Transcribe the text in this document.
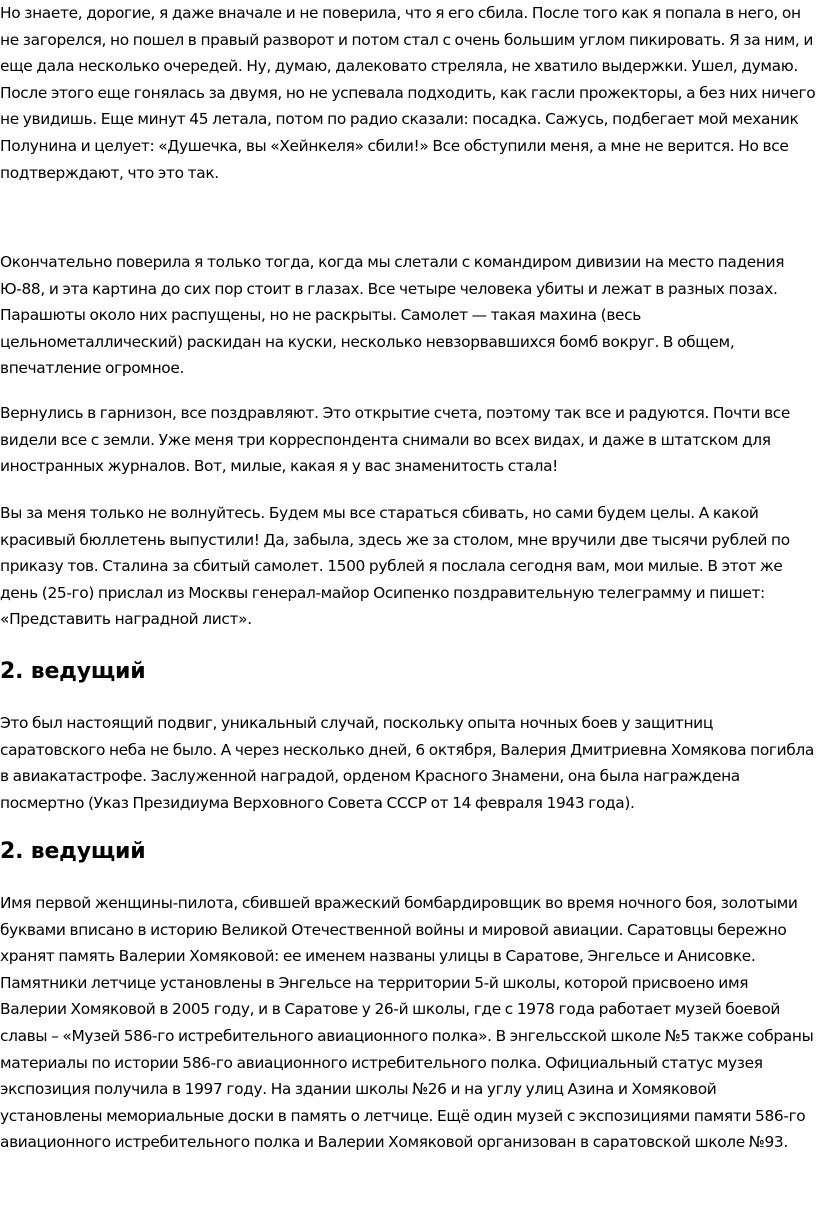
Но знаете, дорогие, я даже вначале и не поверила, что я его сбила. После того как я попала в него, он не загорелся, но пошел в правый разворот и потом стал с очень большим углом пикировать. Я за ним, и еще дала несколько очередей. Ну, думаю, далековато стреляла, не хватило выдержки. Ушел, думаю. После этого еще гонялась за двумя, но не успевала подходить, как гасли прожекторы, а без них ничего не увидишь. Еще минут 45 летала, потом по радио сказали: посадка. Сажусь, подбегает мой механик Полунина и целует: «Душечка, вы «Хейнкеля» сбили!» Все обступили меня, а мне не верится. Но все подтверждают, что это так.

Окончательно поверила я только тогда, когда мы слетали с командиром дивизии на место падения Ю-88, и эта картина до сих пор стоит в глазах. Все четыре человека убиты и лежат в разных позах. Парашюты около них распущены, но не раскрыты. Самолет — такая махина (весь цельнометаллический) раскидан на куски, несколько невзорвавшихся бомб вокруг. В общем, впечатление огромное.

Вернулись в гарнизон, все поздравляют. Это открытие счета, поэтому так все и радуются. Почти все видели все с земли. Уже меня три корреспондента снимали во всех видах, и даже в штатском для иностранных журналов. Вот, милые, какая я у вас знаменитость стала!

Вы за меня только не волнуйтесь. Будем мы все стараться сбивать, но сами будем целы. А какой красивый бюллетень выпустили! Да, забыла, здесь же за столом, мне вручили две тысячи рублей по приказу тов. Сталина за сбитый самолет. 1500 рублей я послала сегодня вам, мои милые. В этот же день (25-го) прислал из Москвы генерал-майор Осипенко поздравительную телеграмму и пишет: «Представить наградной лист».

2. ведущий

Это был настоящий подвиг, уникальный случай, поскольку опыта ночных боев у защитниц саратовского неба не было. А через несколько дней, 6 октября, Валерия Дмитриевна Хомякова погибла в авиакатастрофе. Заслуженной наградой, орденом Красного Знамени, она была награждена посмертно (Указ Президиума Верховного Совета СССР от 14 февраля 1943 года).

2. ведущий

Имя первой женщины-пилота, сбившей вражеский бомбардировщик во время ночного боя, золотыми буквами вписано в историю Великой Отечественной войны и мировой авиации. Саратовцы бережно хранят память Валерии Хомяковой: ее именем названы улицы в Саратове, Энгельсе и Анисовке. Памятники летчице установлены в Энгельсе на территории 5-й школы, которой присвоено имя Валерии Хомяковой в 2005 году, и в Саратове у 26-й школы, где с 1978 года работает музей боевой славы – «Музей 586-го истребительного авиационного полка». В энгельсской школе №5 также собраны материалы по истории 586-го авиационного истребительного полка. Официальный статус музея экспозиция получила в 1997 году. На здании школы №26 и на углу улиц Азина и Хомяковой установлены мемориальные доски в память о летчице. Ещё один музей с экспозициями памяти 586-го авиационного истребительного полка и Валерии Хомяковой организован в саратовской школе №93.
